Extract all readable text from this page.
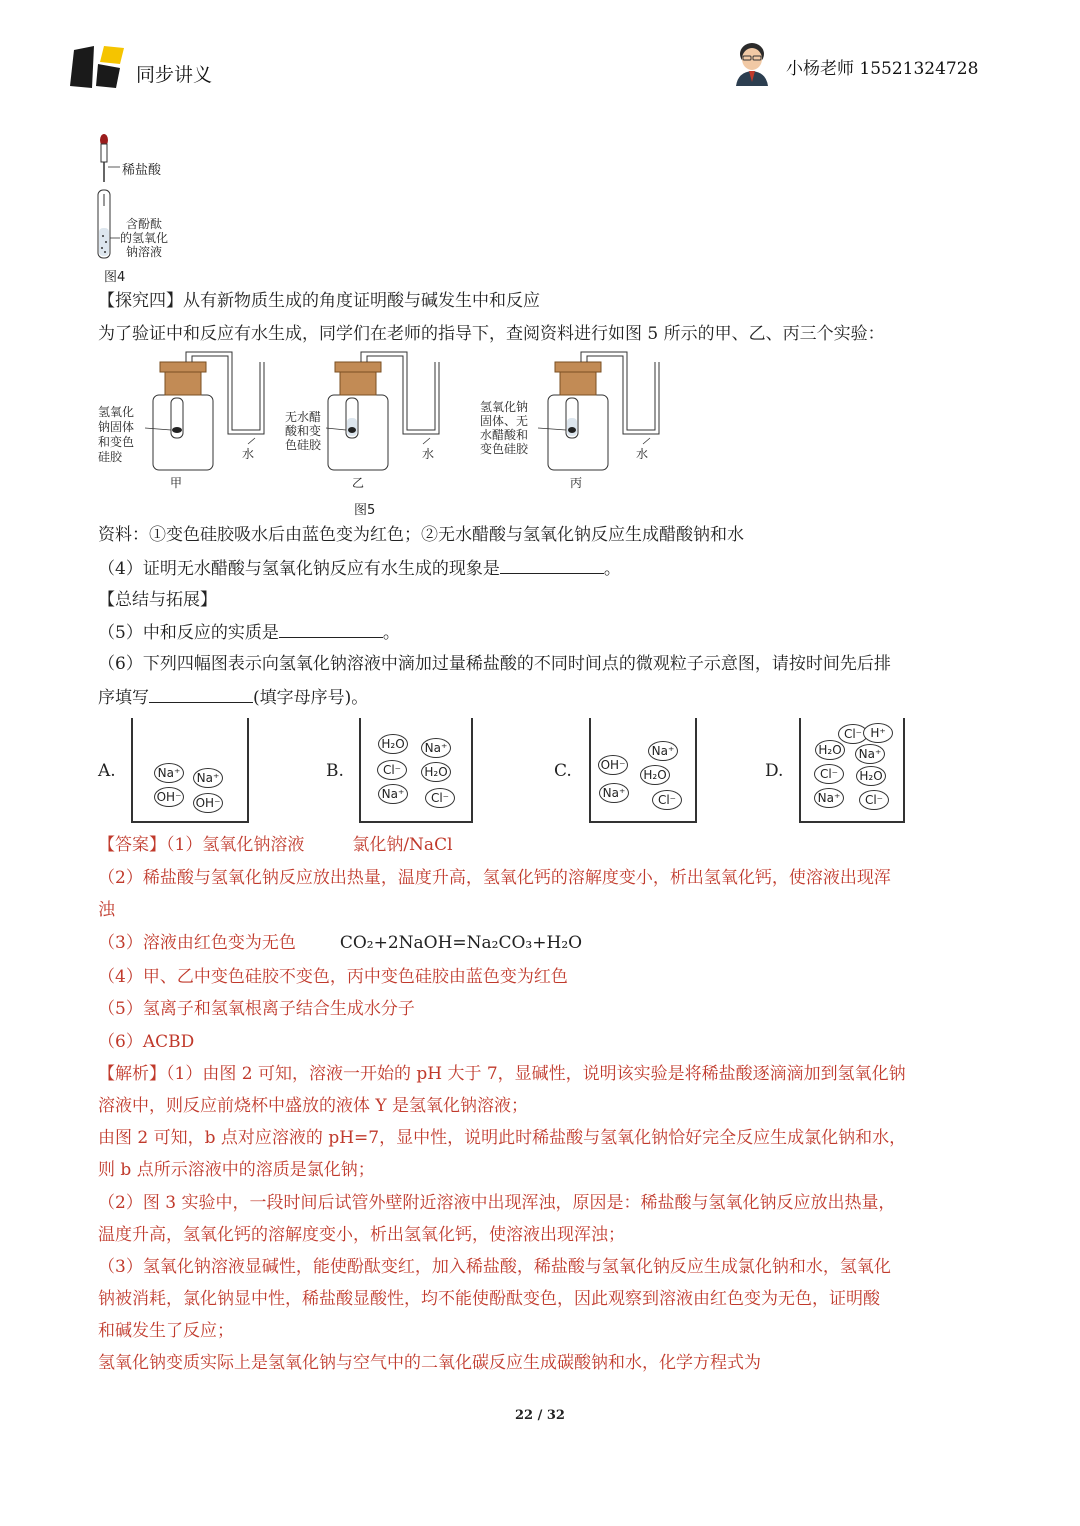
同步讲义	小杨老师 15521324728
稀盐酸
含酚酞
的氢氧化
钠溶液
图4
【探究四】从有新物质生成的角度证明酸与碱发生中和反应
为了验证中和反应有水生成，同学们在老师的指导下，查阅资料进行如图 5 所示的甲、乙、丙三个实验：
氢氧化
钠固体
和变色
硅胶	水
甲
无水醋
酸和变
色硅胶
水
乙
氢氧化钠
固体、无
水醋酸和
变色硅胶	水
丙
图5
资料：①变色硅胶吸水后由蓝色变为红色；②无水醋酸与氢氧化钠反应生成醋酸钠和水
（4）证明无水醋酸与氢氧化钠反应有水生成的现象是	。
【总结与拓展】
（5）中和反应的实质是	。
（6）下列四幅图表示向氢氧化钠溶液中滴加过量稀盐酸的不同时间点的微观粒子示意图，请按时间先后排
序填写	(填字母序号)。
A.	B.	C.	D.
Na⁺	Na⁺
OH⁻ OH⁻
H₂O	Na⁺
Cl⁻	H₂O
Na⁺	Cl⁻
Na⁺
OH⁻
H₂O
Na⁺	Cl⁻
Cl⁻ H⁺
H₂O	Na⁺
Cl⁻	H₂O
Na⁺	Cl⁻
【答案】（1）氢氧化钠溶液	氯化钠/NaCl
（2）稀盐酸与氢氧化钠反应放出热量，温度升高，氢氧化钙的溶解度变小，析出氢氧化钙，使溶液出现浑
浊
（3）溶液由红色变为无色	CO₂+2NaOH=Na₂CO₃+H₂O
（4）甲、乙中变色硅胶不变色，丙中变色硅胶由蓝色变为红色
（5）氢离子和氢氧根离子结合生成水分子
（6）ACBD
【解析】（1）由图 2 可知，溶液一开始的 pH 大于 7，显碱性，说明该实验是将稀盐酸逐滴滴加到氢氧化钠
溶液中，则反应前烧杯中盛放的液体 Y 是氢氧化钠溶液；
由图 2 可知，b 点对应溶液的 pH=7，显中性，说明此时稀盐酸与氢氧化钠恰好完全反应生成氯化钠和水，
则 b 点所示溶液中的溶质是氯化钠；
（2）图 3 实验中，一段时间后试管外壁附近溶液中出现浑浊，原因是：稀盐酸与氢氧化钠反应放出热量，
温度升高，氢氧化钙的溶解度变小，析出氢氧化钙，使溶液出现浑浊；
（3）氢氧化钠溶液显碱性，能使酚酞变红，加入稀盐酸，稀盐酸与氢氧化钠反应生成氯化钠和水，氢氧化
钠被消耗，氯化钠显中性，稀盐酸显酸性，均不能使酚酞变色，因此观察到溶液由红色变为无色，证明酸
和碱发生了反应；
氢氧化钠变质实际上是氢氧化钠与空气中的二氧化碳反应生成碳酸钠和水，化学方程式为
22 / 32
